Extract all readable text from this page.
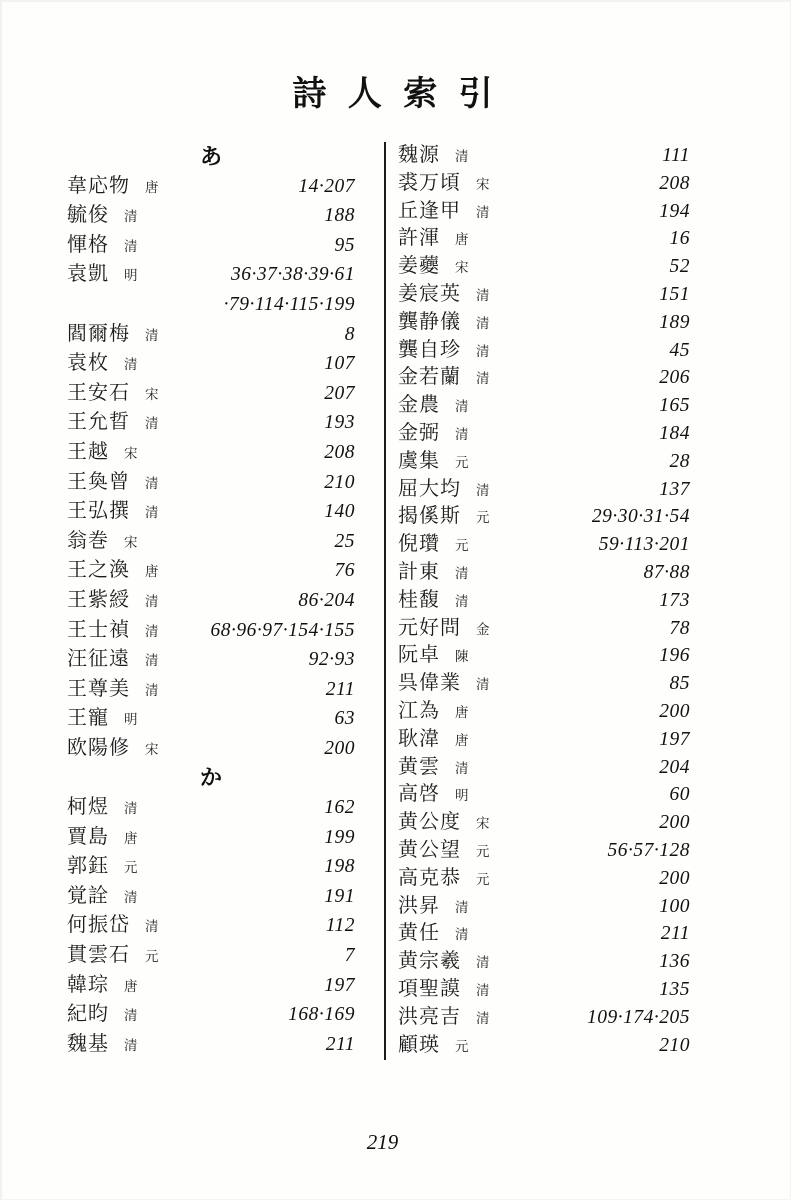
詩 人 索 引
あ
韋応物 唐	14·207
毓俊 清	188
惲格 清	95
袁凱 明	36·37·38·39·61
·79·114·115·199
閻爾梅 清	8
袁枚 清	107
王安石 宋	207
王允晢 清	193
王越 宋	208
王奐曾 清	210
王弘撰 清	140
翁巻 宋	25
王之渙 唐	76
王紫綬 清	86·204
王士禎 清	68·96·97·154·155
汪征遠 清	92·93
王尊美 清	211
王寵 明	63
欧陽修 宋	200
か
柯煜 清	162
賈島 唐	199
郭鈺 元	198
覚詮 清	191
何振岱 清	112
貫雲石 元	7
韓琮 唐	197
紀昀 清	168·169
魏基 清	211
魏源 清	111
裘万頃 宋	208
丘逢甲 清	194
許渾 唐	16
姜蘷 宋	52
姜宸英 清	151
龔静儀 清	189
龔自珍 清	45
金若蘭 清	206
金農 清	165
金弼 清	184
虞集 元	28
屈大均 清	137
揭傒斯 元	29·30·31·54
倪瓚 元	59·113·201
計東 清	87·88
桂馥 清	173
元好問 金	78
阮卓 陳	196
呉偉業 清	85
江為 唐	200
耿湋 唐	197
黄雲 清	204
高啓 明	60
黄公度 宋	200
黄公望 元	56·57·128
高克恭 元	200
洪昇 清	100
黄任 清	211
黄宗羲 清	136
項聖謨 清	135
洪亮吉 清	109·174·205
顧瑛 元	210
219
